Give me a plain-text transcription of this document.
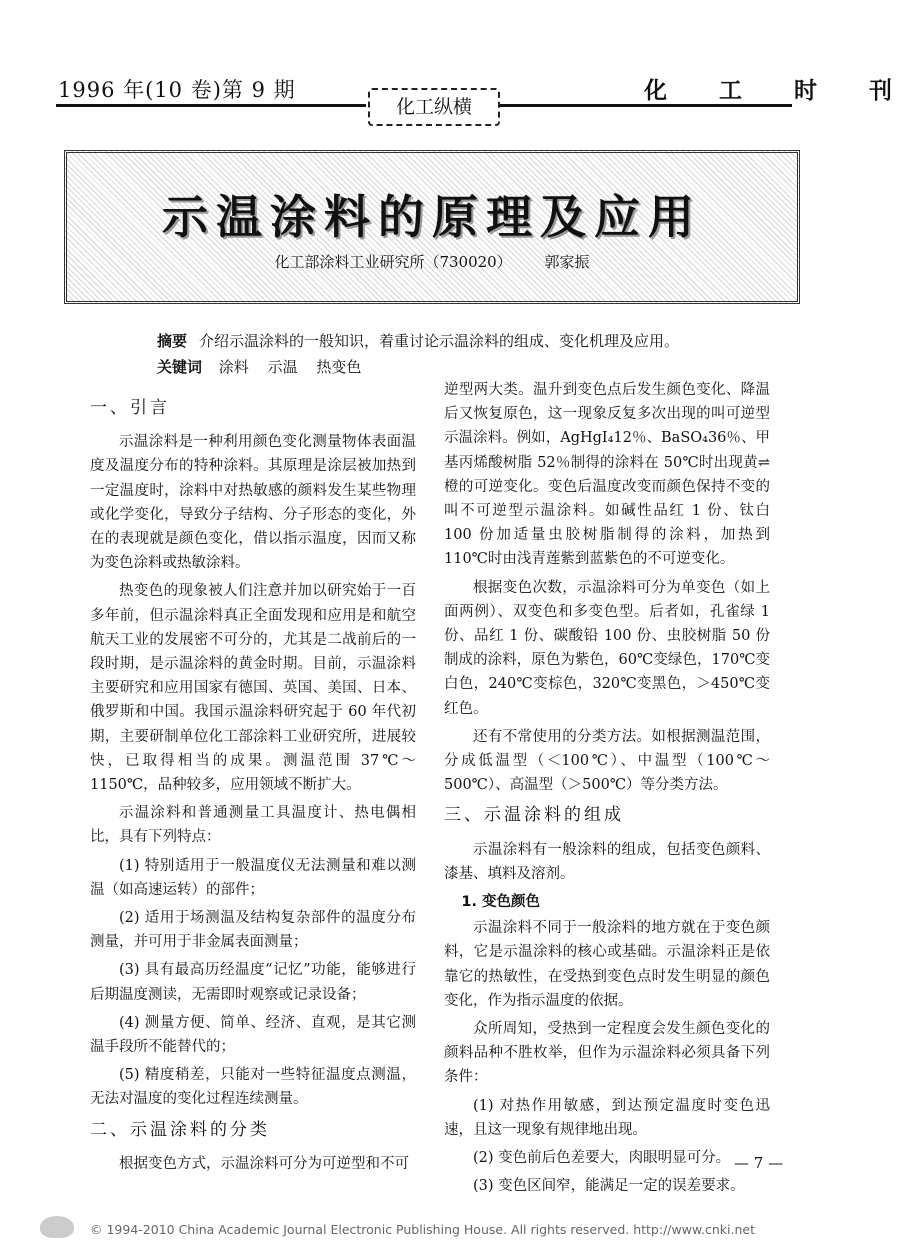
1996 年(10 卷)第 9 期
化工纵横
化 工 时 刊
示温涂料的原理及应用
化工部涂料工业研究所（730020） 郭家振
摘要 介绍示温涂料的一般知识，着重讨论示温涂料的组成、变化机理及应用。
关键词 涂料 示温 热变色
一、引言

示温涂料是一种利用颜色变化测量物体表面温度及温度分布的特种涂料。其原理是涂层被加热到一定温度时，涂料中对热敏感的颜料发生某些物理或化学变化，导致分子结构、分子形态的变化，外在的表现就是颜色变化，借以指示温度，因而又称为变色涂料或热敏涂料。

热变色的现象被人们注意并加以研究始于一百多年前，但示温涂料真正全面发现和应用是和航空航天工业的发展密不可分的，尤其是二战前后的一段时期，是示温涂料的黄金时期。目前，示温涂料主要研究和应用国家有德国、英国、美国、日本、俄罗斯和中国。我国示温涂料研究起于 60 年代初期，主要研制单位化工部涂料工业研究所，进展较快，已取得相当的成果。测温范围 37℃～1150℃，品种较多，应用领域不断扩大。

示温涂料和普通测量工具温度计、热电偶相比，具有下列特点：

(1) 特别适用于一般温度仪无法测量和难以测温（如高速运转）的部件；

(2) 适用于场测温及结构复杂部件的温度分布测量，并可用于非金属表面测量；

(3) 具有最高历经温度“记忆”功能，能够进行后期温度测读，无需即时观察或记录设备；

(4) 测量方便、简单、经济、直观，是其它测温手段所不能替代的；

(5) 精度稍差，只能对一些特征温度点测温，无法对温度的变化过程连续测量。

二、示温涂料的分类

根据变色方式，示温涂料可分为可逆型和不可

逆型两大类。温升到变色点后发生颜色变化、降温后又恢复原色，这一现象反复多次出现的叫可逆型示温涂料。例如，AgHgI₄12％、BaSO₄36％、甲基丙烯酸树脂 52％制得的涂料在 50℃时出现黄⇌橙的可逆变化。变色后温度改变而颜色保持不变的叫不可逆型示温涂料。如碱性品红 1 份、钛白 100 份加适量虫胶树脂制得的涂料，加热到 110℃时由浅青莲紫到蓝紫色的不可逆变化。

根据变色次数，示温涂料可分为单变色（如上面两例）、双变色和多变色型。后者如，孔雀绿 1 份、品红 1 份、碳酸铅 100 份、虫胶树脂 50 份制成的涂料，原色为紫色，60℃变绿色，170℃变白色，240℃变棕色，320℃变黑色，＞450℃变红色。

还有不常使用的分类方法。如根据测温范围，分成低温型（＜100℃）、中温型（100℃～500℃）、高温型（＞500℃）等分类方法。

三、示温涂料的组成

示温涂料有一般涂料的组成，包括变色颜料、漆基、填料及溶剂。

1. 变色颜色

示温涂料不同于一般涂料的地方就在于变色颜料，它是示温涂料的核心或基础。示温涂料正是依靠它的热敏性，在受热到变色点时发生明显的颜色变化，作为指示温度的依据。

众所周知，受热到一定程度会发生颜色变化的颜料品种不胜枚举，但作为示温涂料必须具备下列条件：

(1) 对热作用敏感，到达预定温度时变色迅速，且这一现象有规律地出现。

(2) 变色前后色差要大，肉眼明显可分。

(3) 变色区间窄，能满足一定的误差要求。

— 7 —
© 1994-2010 China Academic Journal Electronic Publishing House. All rights reserved. http://www.cnki.net
